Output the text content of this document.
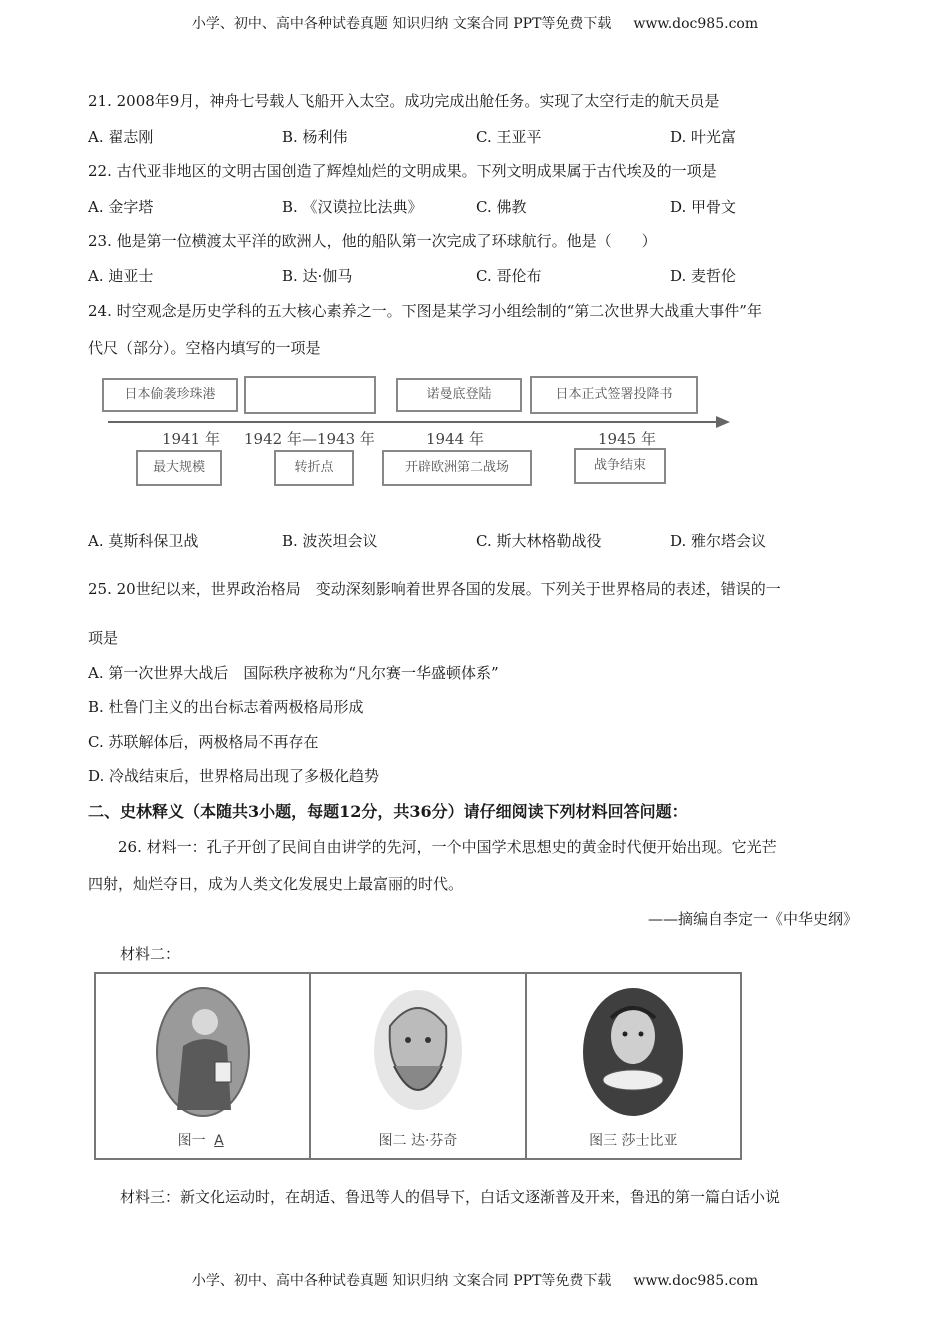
小学、初中、高中各种试卷真题 知识归纳 文案合同 PPT等免费下载 www.doc985.com
21. 2008年9月，神舟七号载人飞船开入太空。成功完成出舱任务。实现了太空行走的航天员是
A. 翟志刚	B. 杨利伟	C. 王亚平	D. 叶光富
22. 古代亚非地区的文明古国创造了辉煌灿烂的文明成果。下列文明成果属于古代埃及的一项是
A. 金字塔	B. 《汉谟拉比法典》	C. 佛教	D. 甲骨文
23. 他是第一位横渡太平洋的欧洲人，他的船队第一次完成了环球航行。他是（　　）
A. 迪亚士	B. 达·伽马	C. 哥伦布	D. 麦哲伦
24. 时空观念是历史学科的五大核心素养之一。下图是某学习小组绘制的“第二次世界大战重大事件”年
代尺（部分）。空格内填写的一项是
日本偷袭珍珠港	诺曼底登陆	日本正式签署投降书
1941 年 1942 年—1943 年	1944 年	1945 年
最大规模	转折点	开辟欧洲第二战场	战争结束
A. 莫斯科保卫战	B. 波茨坦会议	C. 斯大林格勒战役	D. 雅尔塔会议
25. 20世纪以来，世界政治格局　变动深刻影响着世界各国的发展。下列关于世界格局的表述，错误的一
项是
A. 第一次世界大战后　国际秩序被称为“凡尔赛一华盛顿体系”
B. 杜鲁门主义的出台标志着两极格局形成
C. 苏联解体后，两极格局不再存在
D. 冷战结束后，世界格局出现了多极化趋势
二、史林释义（本随共3小题，每题12分，共36分）请仔细阅读下列材料回答问题：
26. 材料一：孔子开创了民间自由讲学的先河，一个中国学术思想史的黄金时代便开始出现。它光芒
四射，灿烂夺日，成为人类文化发展史上最富丽的时代。
——摘编自李定一《中华史纲》
材料二：
图一 A	图二 达·芬奇	图三 莎士比亚
材料三：新文化运动时，在胡适、鲁迅等人的倡导下，白话文逐渐普及开来，鲁迅的第一篇白话小说
小学、初中、高中各种试卷真题 知识归纳 文案合同 PPT等免费下载 www.doc985.com
